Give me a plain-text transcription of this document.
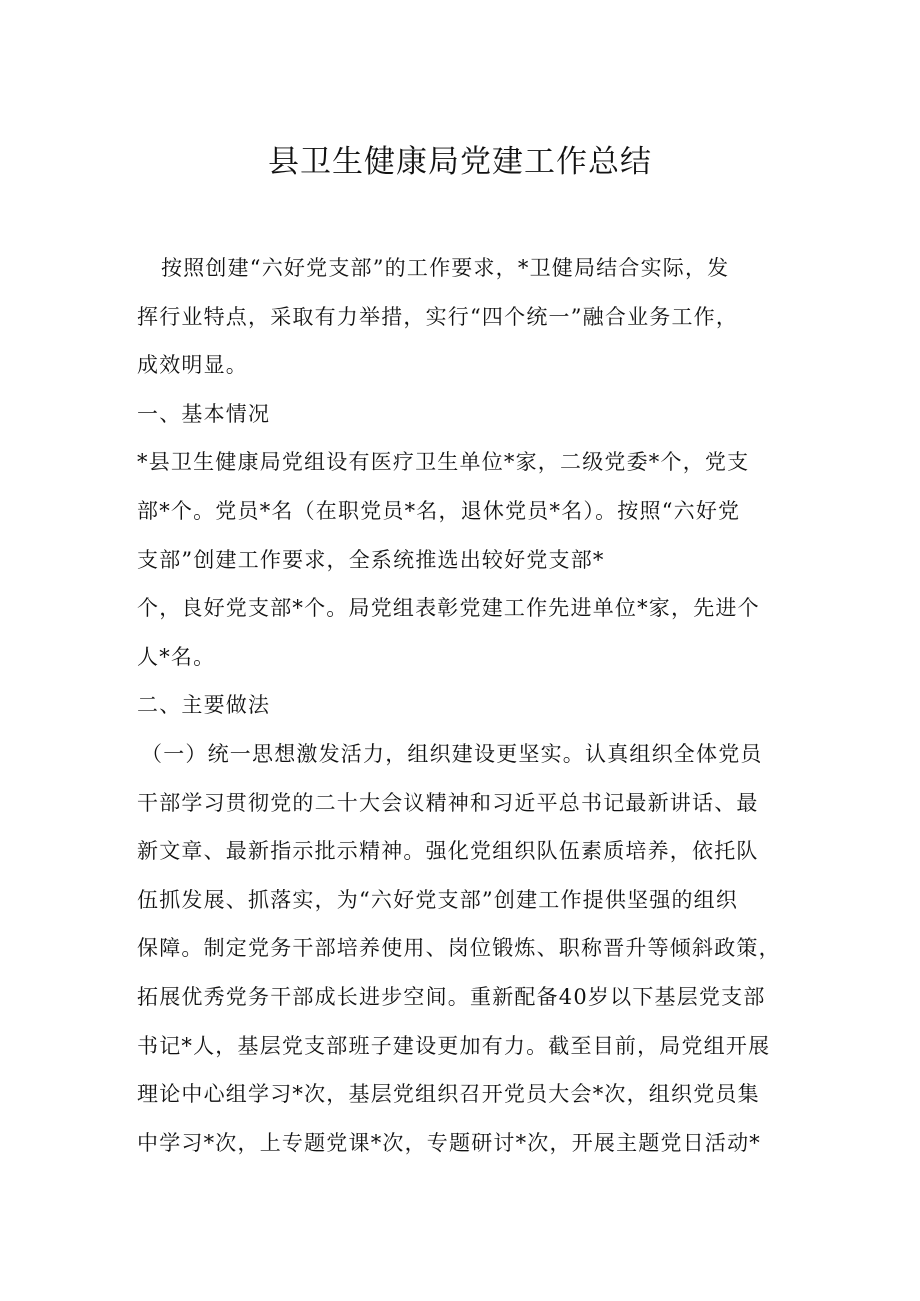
县卫生健康局党建工作总结
按照创建“六好党支部”的工作要求，*卫健局结合实际，发
挥行业特点，采取有力举措，实行“四个统一”融合业务工作，
成效明显。
一、基本情况
*县卫生健康局党组设有医疗卫生单位*家，二级党委*个，党支
部*个。党员*名（在职党员*名，退休党员*名）。按照“六好党
支部”创建工作要求，全系统推选出较好党支部*
个，良好党支部*个。局党组表彰党建工作先进单位*家，先进个
人*名。
二、主要做法
（一）统一思想激发活力，组织建设更坚实。认真组织全体党员
干部学习贯彻党的二十大会议精神和习近平总书记最新讲话、最
新文章、最新指示批示精神。强化党组织队伍素质培养，依托队
伍抓发展、抓落实，为“六好党支部”创建工作提供坚强的组织
保障。制定党务干部培养使用、岗位锻炼、职称晋升等倾斜政策，
拓展优秀党务干部成长进步空间。重新配备40岁以下基层党支部
书记*人，基层党支部班子建设更加有力。截至目前，局党组开展
理论中心组学习*次，基层党组织召开党员大会*次，组织党员集
中学习*次，上专题党课*次，专题研讨*次，开展主题党日活动*
